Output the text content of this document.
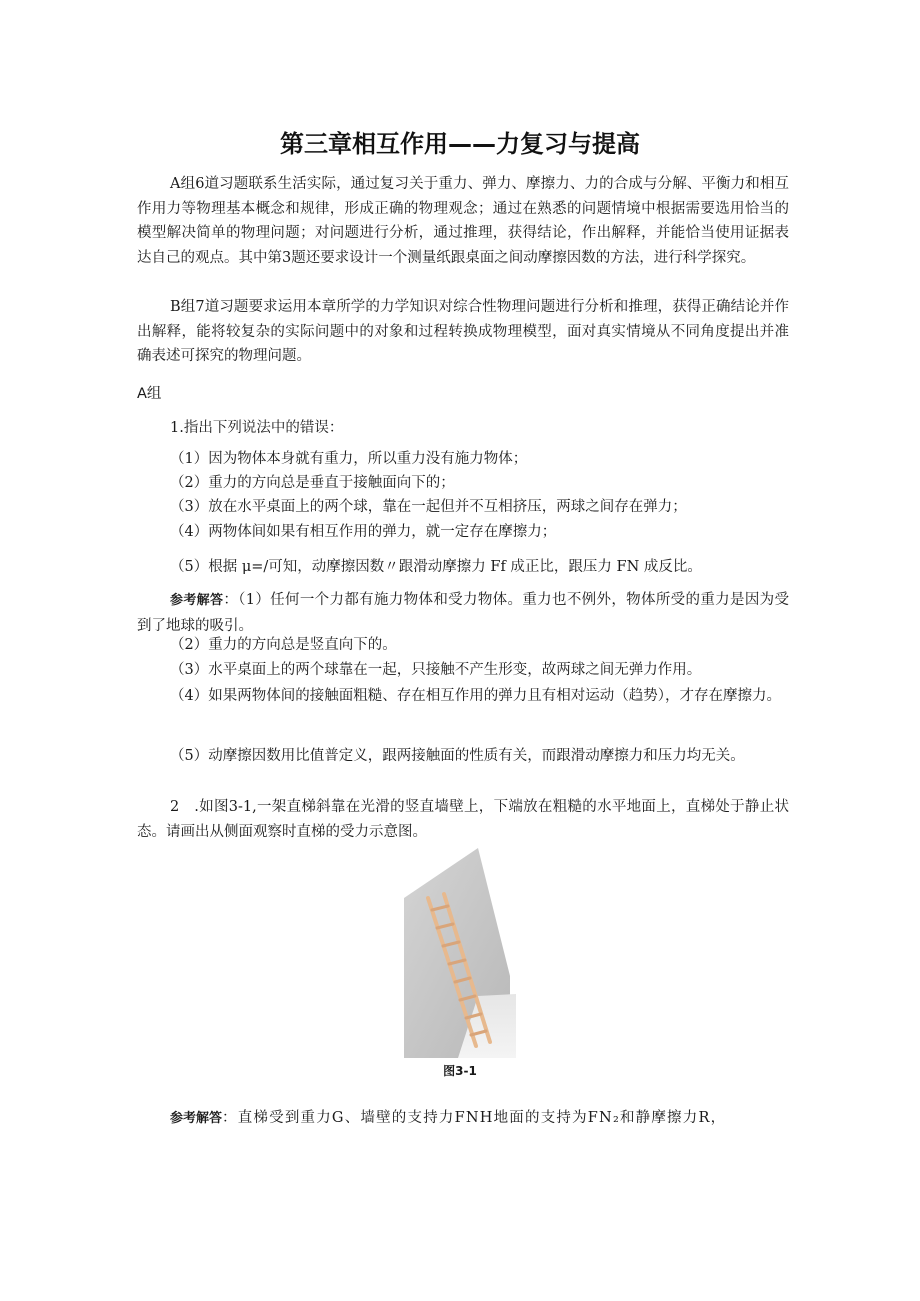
第三章相互作用——力复习与提高
A组6道习题联系生活实际，通过复习关于重力、弹力、摩擦力、力的合成与分解、平衡力和相互作用力等物理基本概念和规律，形成正确的物理观念；通过在熟悉的问题情境中根据需要选用恰当的模型解决简单的物理问题；对问题进行分析，通过推理，获得结论，作出解释，并能恰当使用证据表达自己的观点。其中第3题还要求设计一个测量纸跟桌面之间动摩擦因数的方法，进行科学探究。
B组7道习题要求运用本章所学的力学知识对综合性物理问题进行分析和推理，获得正确结论并作出解释，能将较复杂的实际问题中的对象和过程转换成物理模型，面对真实情境从不同角度提出并准确表述可探究的物理问题。
A组
1.指出下列说法中的错误：
（1）因为物体本身就有重力，所以重力没有施力物体；
（2）重力的方向总是垂直于接触面向下的；
（3）放在水平桌面上的两个球，靠在一起但并不互相挤压，两球之间存在弹力；
（4）两物体间如果有相互作用的弹力，就一定存在摩擦力；
（5）根据 μ=/可知，动摩擦因数〃跟滑动摩擦力 Ff 成正比，跟压力 FN 成反比。
参考解答：（1）任何一个力都有施力物体和受力物体。重力也不例外，物体所受的重力是因为受到了地球的吸引。
（2）重力的方向总是竖直向下的。
（3）水平桌面上的两个球靠在一起，只接触不产生形变，故两球之间无弹力作用。
（4）如果两物体间的接触面粗糙、存在相互作用的弹力且有相对运动（趋势），才存在摩擦力。
（5）动摩擦因数用比值普定义，跟两接触面的性质有关，而跟滑动摩擦力和压力均无关。
2　.如图3-1,一架直梯斜靠在光滑的竖直墙壁上，下端放在粗糙的水平地面上，直梯处于静止状态。请画出从侧面观察时直梯的受力示意图。
图3-1
参考解答：直梯受到重力G、墙壁的支持力FNH地面的支持为FN₂和静摩擦力R，
